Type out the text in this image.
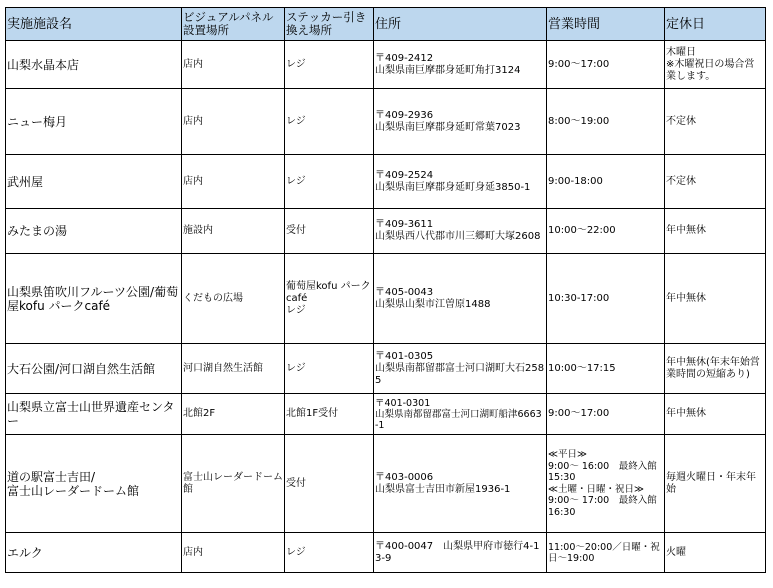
実施施設名	ビジュアルパネル設置場所	ステッカー引き換え場所	住所	営業時間	定休日

山梨水晶本店	店内	レジ	〒409-2412
山梨県南巨摩郡身延町角打3124	9:00～17:00	木曜日
※木曜祝日の場合営業します。

ニュー梅月	店内	レジ	〒409-2936
山梨県南巨摩郡身延町常葉7023	8:00～19:00	不定休

武州屋	店内	レジ	〒409-2524
山梨県南巨摩郡身延町身延3850-1	9:00-18:00	不定休

みたまの湯	施設内	受付	〒409-3611
山梨県西八代郡市川三郷町大塚2608	10:00～22:00	年中無休

山梨県笛吹川フルーツ公園/葡萄屋kofu パークcafé	くだもの広場	葡萄屋kofu パークcafé
レジ	〒405-0043
山梨県山梨市江曽原1488	10:30-17:00	年中無休

大石公園/河口湖自然生活館	河口湖自然生活館	レジ	〒401-0305
山梨県南都留郡富士河口湖町大石2585	10:00～17:15	年中無休(年末年始営業時間の短縮あり)

山梨県立富士山世界遺産センター	北館2F	北館1F受付	〒401-0301
山梨県南都留郡富士河口湖町船津6663-1	9:00～17:00	年中無休

道の駅富士吉田/
富士山レーダードーム館	富士山レーダードーム館	受付	〒403-0006
山梨県富士吉田市新屋1936-1	≪平日≫
9:00～ 16:00　最終入館 15:30
≪土曜・日曜・祝日≫
9:00～ 17:00　最終入館 16:30	毎週火曜日・年末年始

エルク	店内	レジ	〒400-0047　山梨県甲府市徳行4-13-9	11:00～20:00／日曜・祝日～19:00	火曜
